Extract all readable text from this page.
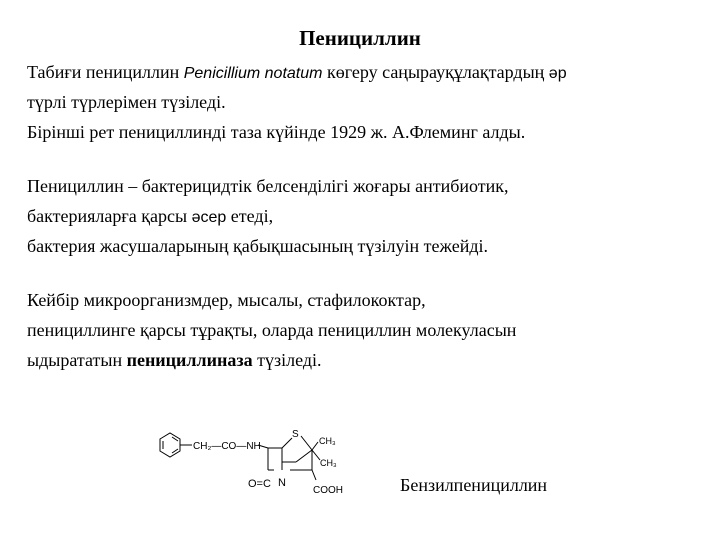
Пенициллин
Табиғи пенициллин Penicillium notatum көгеру саңырауқұлақтардың әр
түрлі түрлерімен түзіледі.
Бірінші рет пенициллинді таза күйінде 1929 ж. А.Флеминг алды.
Пенициллин – бактерицидтік белсенділігі жоғары антибиотик,
бактерияларға қарсы әсер етеді,
бактерия жасушаларының қабықшасының түзілуін тежейді.
Кейбір микроорганизмдер, мысалы, стафилококтар,
пенициллинге қарсы тұрақты, оларда пенициллин молекуласын
ыдырататын пенициллиназа түзіледі.
CH₂—CO—NH
S
CH₃
CH₃
COOH
O=C N	Бензилпенициллин
